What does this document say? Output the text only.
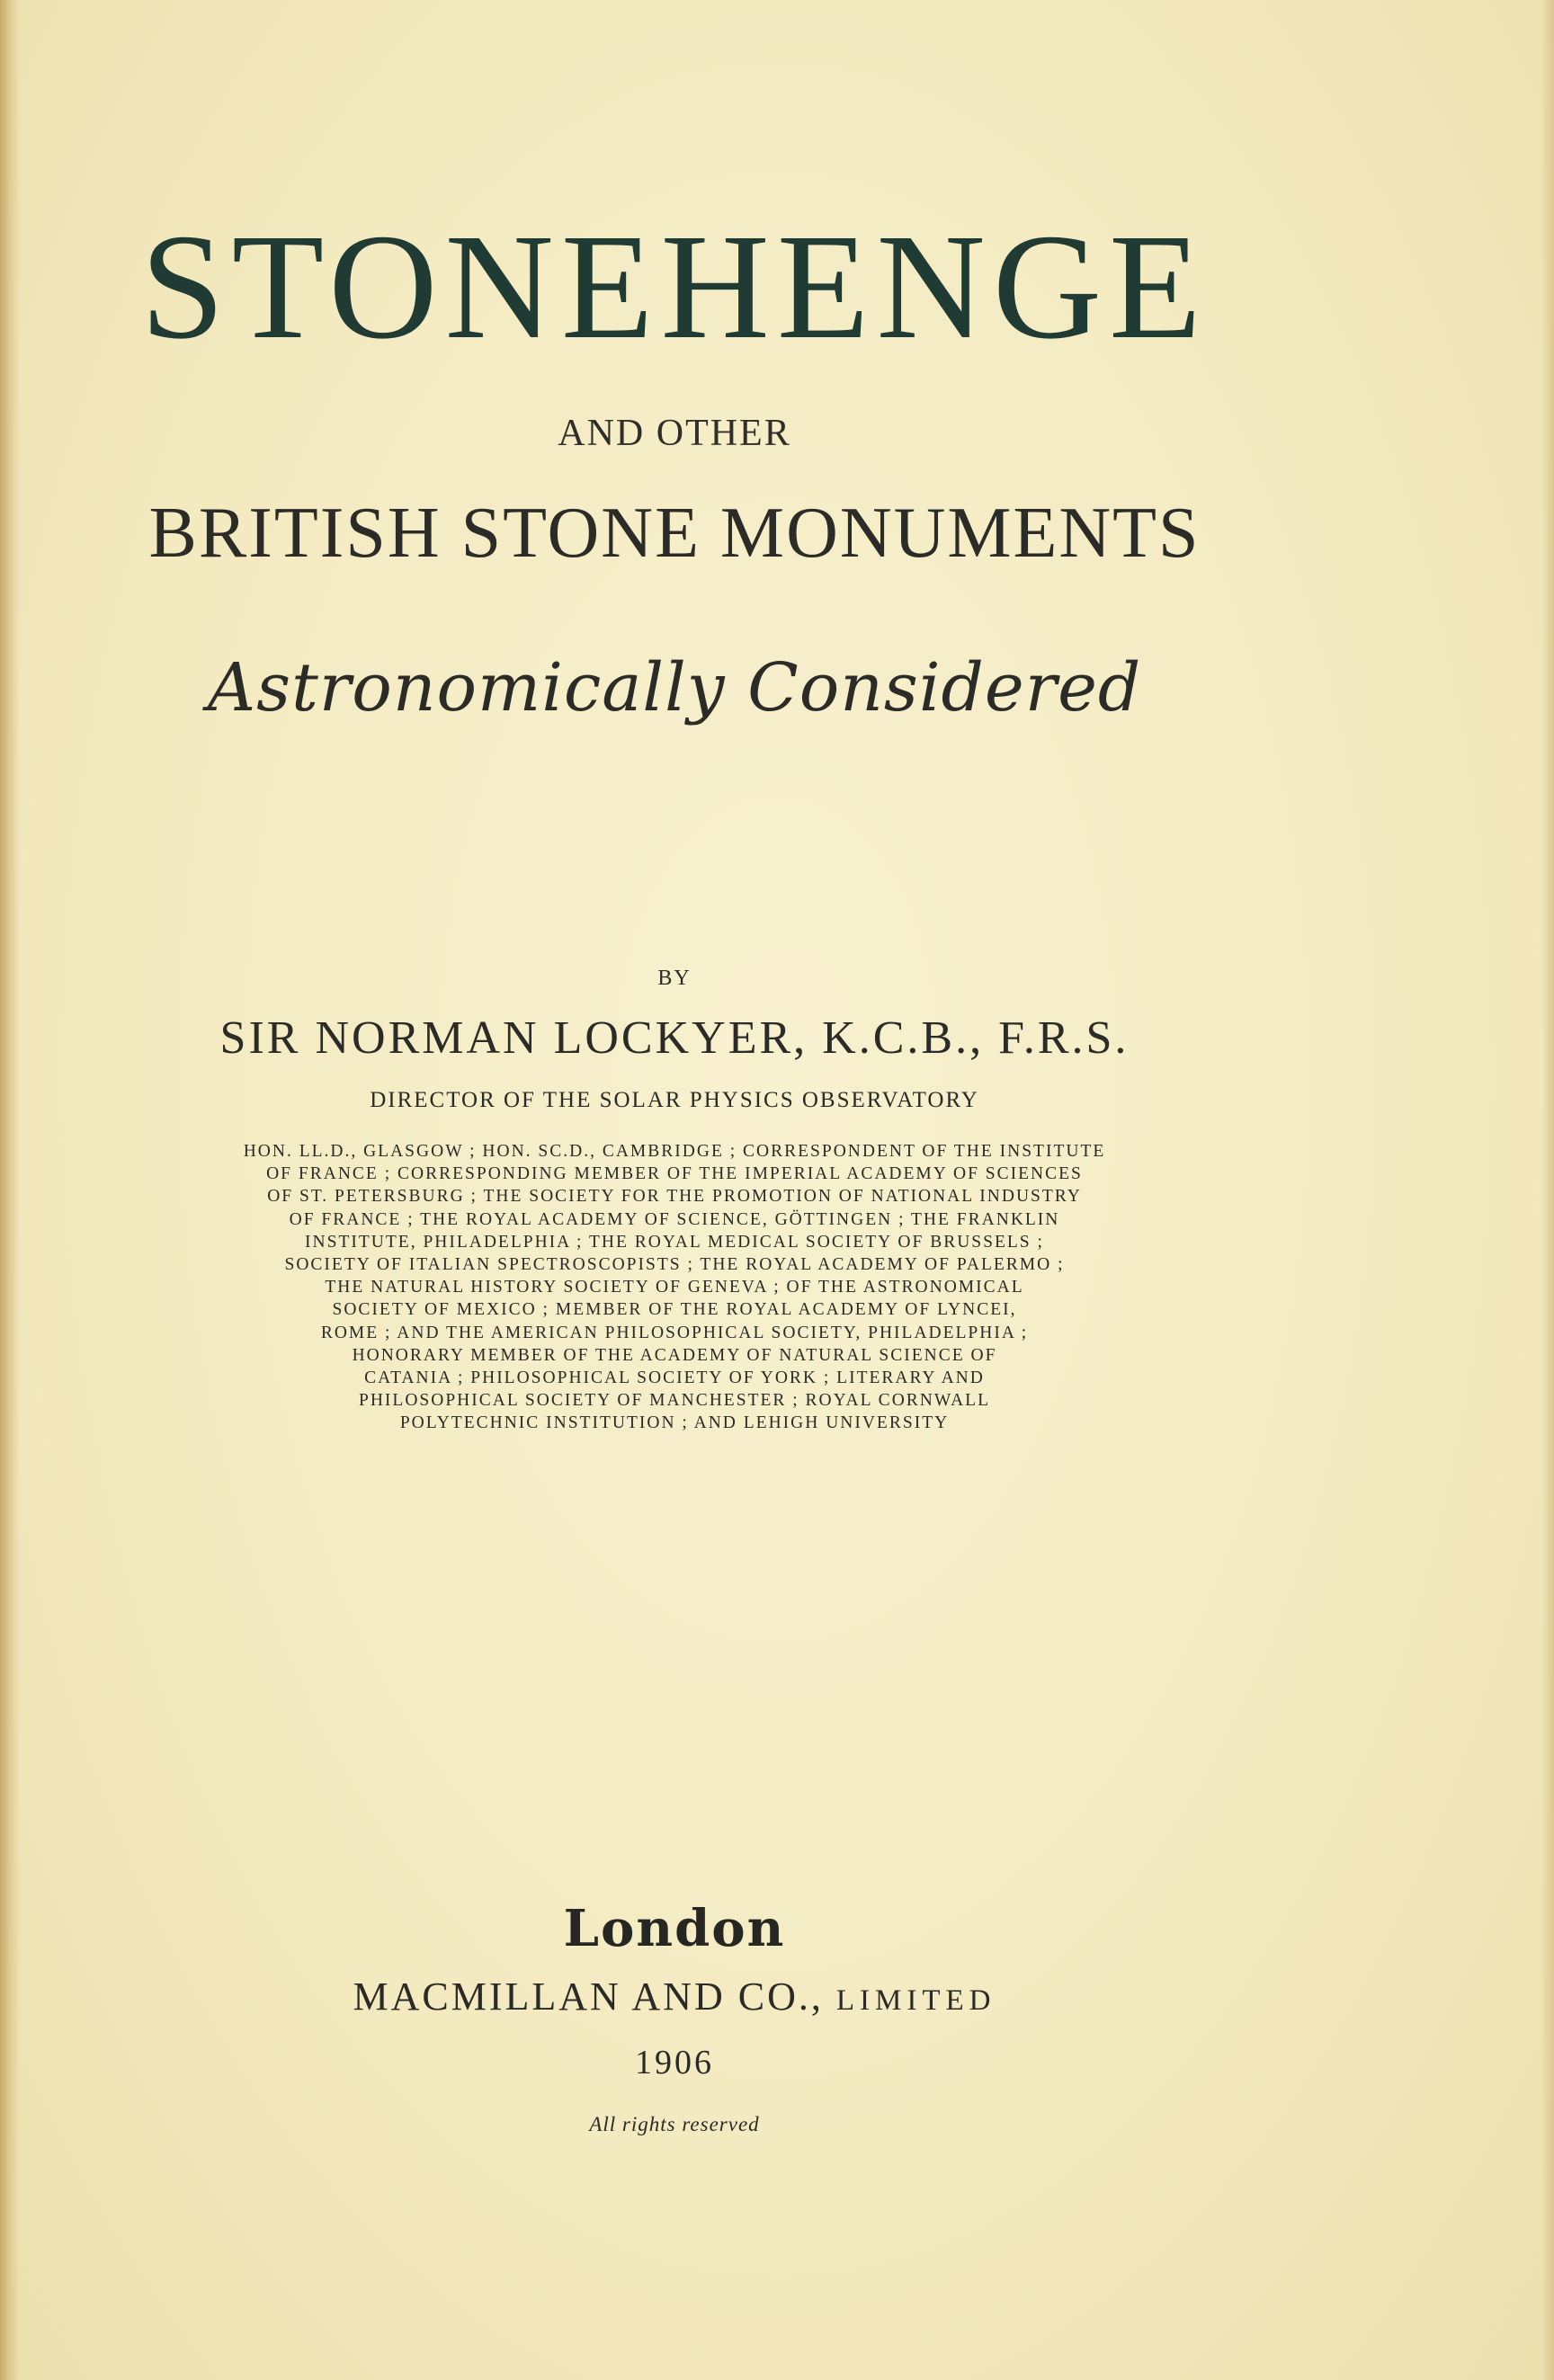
STONEHENGE
AND OTHER
BRITISH STONE MONUMENTS
Astronomically Considered
BY
SIR NORMAN LOCKYER, K.C.B., F.R.S.
DIRECTOR OF THE SOLAR PHYSICS OBSERVATORY
HON. LL.D., GLASGOW ; HON. SC.D., CAMBRIDGE ; CORRESPONDENT OF THE INSTITUTE
OF FRANCE ; CORRESPONDING MEMBER OF THE IMPERIAL ACADEMY OF SCIENCES
OF ST. PETERSBURG ; THE SOCIETY FOR THE PROMOTION OF NATIONAL INDUSTRY
OF FRANCE ; THE ROYAL ACADEMY OF SCIENCE, GÖTTINGEN ; THE FRANKLIN
INSTITUTE, PHILADELPHIA ; THE ROYAL MEDICAL SOCIETY OF BRUSSELS ;
SOCIETY OF ITALIAN SPECTROSCOPISTS ; THE ROYAL ACADEMY OF PALERMO ;
THE NATURAL HISTORY SOCIETY OF GENEVA ; OF THE ASTRONOMICAL
SOCIETY OF MEXICO ; MEMBER OF THE ROYAL ACADEMY OF LYNCEI,
ROME ; AND THE AMERICAN PHILOSOPHICAL SOCIETY, PHILADELPHIA ;
HONORARY MEMBER OF THE ACADEMY OF NATURAL SCIENCE OF
CATANIA ; PHILOSOPHICAL SOCIETY OF YORK ; LITERARY AND
PHILOSOPHICAL SOCIETY OF MANCHESTER ; ROYAL CORNWALL
POLYTECHNIC INSTITUTION ; AND LEHIGH UNIVERSITY
London
MACMILLAN AND CO., LIMITED
1906
All rights reserved
